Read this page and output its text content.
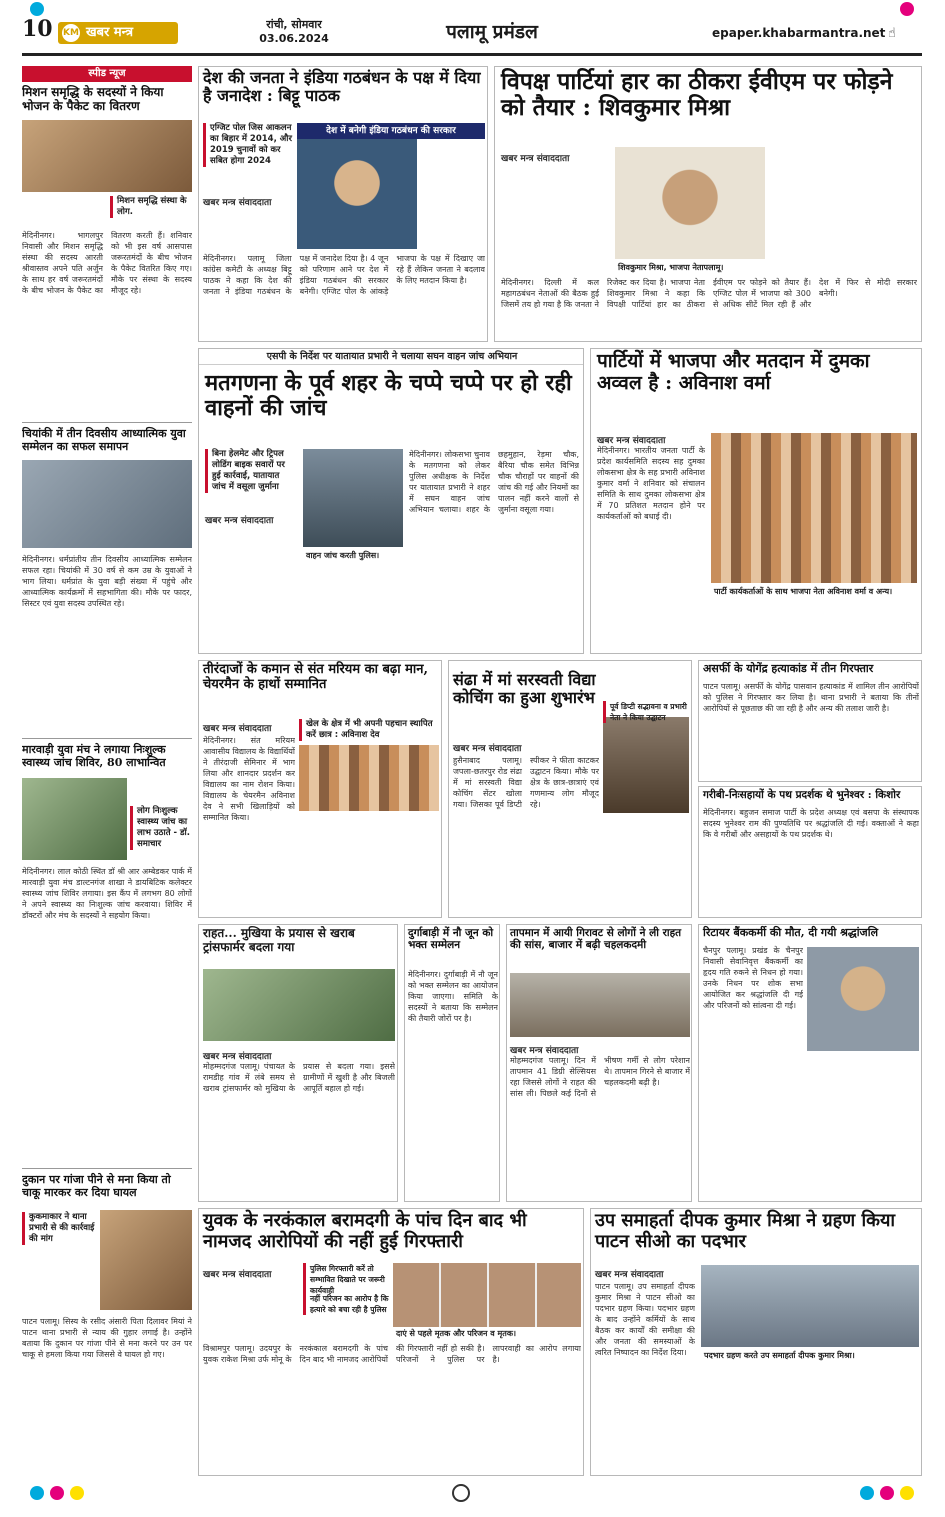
10 KM खबर मन्त्र
रांची, सोमवार
03.06.2024	पलामू प्रमंडल	epaper.khabarmantra.net ☝
स्पीड न्यूज
मिशन समृद्धि के सदस्यों ने किया भोजन के पैकेट का वितरण
मिशन समृद्धि संस्था के लोग.
मेदिनीनगर। भागलपुर निवासी और मिशन समृद्धि संस्था की सदस्य आरती श्रीवास्तव अपने पति अर्जुन के साथ हर वर्ष जरूरतमंदों के बीच भोजन के पैकेट का वितरण करती हैं। शनिवार को भी इस वर्ष आसपास जरूरतमंदों के बीच भोजन के पैकेट वितरित किए गए। मौके पर संस्था के सदस्य मौजूद रहे।
चियांकी में तीन दिवसीय आध्यात्मिक युवा सम्मेलन का सफल समापन
मेदिनीनगर। धर्मप्रांतीय तीन दिवसीय आध्यात्मिक सम्मेलन सफल रहा। चियांकी में 30 वर्ष से कम उम्र के युवाओं ने भाग लिया। धर्मप्रांत के युवा बड़ी संख्या में पहुंचे और आध्यात्मिक कार्यक्रमों में सहभागिता की। मौके पर फादर, सिस्टर एवं युवा सदस्य उपस्थित रहे।
मारवाड़ी युवा मंच ने लगाया निःशुल्क स्वास्थ्य जांच शिविर, 80 लाभान्वित
लोग निःशुल्क स्वास्थ्य जांच का लाभ उठाते - डॉ. समाचार
मेदिनीनगर। लाल कोठी स्थित डॉ श्री आर अम्बेडकर पार्क में मारवाड़ी युवा मंच डाल्टनगंज शाखा ने डायबिटिक कलेक्टर स्वास्थ्य जांच शिविर लगाया। इस कैंप में लगभग 80 लोगों ने अपने स्वास्थ्य का निःशुल्क जांच करवाया। शिविर में डॉक्टरों और मंच के सदस्यों ने सहयोग किया।
दुकान पर गांजा पीने से मना किया तो चाकू मारकर कर दिया घायल
कुकमाकार ने थाना प्रभारी से की कार्रवाई की मांग
पाटन पलामू। सिस्य के रसीद अंसारी पिता दिलावर मियां ने पाटन थाना प्रभारी से न्याय की गुहार लगाई है। उन्होंने बताया कि दुकान पर गांजा पीने से मना करने पर उन पर चाकू से हमला किया गया जिससे वे घायल हो गए।
देश की जनता ने इंडिया गठबंधन के पक्ष में दिया है जनादेश : बिट्टू पाठक
एग्जिट पोल जिस आकलन का बिहार में 2014, और 2019 चुनावों को कर सबित होगा 2024
देश में बनेगी इंडिया गठबंधन की सरकार
खबर मन्त्र संवाददाता
मेदिनीनगर। पलामू जिला कांग्रेस कमेटी के अध्यक्ष बिट्टू पाठक ने कहा कि देश की जनता ने इंडिया गठबंधन के पक्ष में जनादेश दिया है। 4 जून को परिणाम आने पर देश में इंडिया गठबंधन की सरकार बनेगी। एग्जिट पोल के आंकड़े भाजपा के पक्ष में दिखाए जा रहे हैं लेकिन जनता ने बदलाव के लिए मतदान किया है।
विपक्ष पार्टियां हार का ठीकरा ईवीएम पर फोड़ने को तैयार : शिवकुमार मिश्रा
खबर मन्त्र संवाददाता
शिवकुमार मिश्रा, भाजपा नेतापलामू।
मेदिनीनगर। दिल्ली में कल महागठबंधन नेताओं की बैठक हुई जिसमें तय हो गया है कि जनता ने रिजेक्ट कर दिया है। भाजपा नेता शिवकुमार मिश्रा ने कहा कि विपक्षी पार्टियां हार का ठीकरा ईवीएम पर फोड़ने को तैयार हैं। एग्जिट पोल में भाजपा को 300 से अधिक सीटें मिल रही हैं और देश में फिर से मोदी सरकार बनेगी।
एसपी के निर्देश पर यातायात प्रभारी ने चलाया सघन वाहन जांच अभियान
मतगणना के पूर्व शहर के चप्पे चप्पे पर हो रही वाहनों की जांच
बिना हेलमेट और ट्रिपल लोडिंग बाइक सवारों पर हुई कार्रवाई, यातायात जांच में वसूला जुर्माना
वाहन जांच करती पुलिस।
खबर मन्त्र संवाददाता
मेदिनीनगर। लोकसभा चुनाव के मतगणना को लेकर पुलिस अधीक्षक के निर्देश पर यातायात प्रभारी ने शहर में सघन वाहन जांच अभियान चलाया। शहर के छहमुहान, रेड़मा चौक, बैरिया चौक समेत विभिन्न चौक चौराहों पर वाहनों की जांच की गई और नियमों का पालन नहीं करने वालों से जुर्माना वसूला गया।
पार्टियों में भाजपा और मतदान में दुमका अव्वल है : अविनाश वर्मा
खबर मन्त्र संवाददाता
मेदिनीनगर। भारतीय जनता पार्टी के प्रदेश कार्यसमिति सदस्य सह दुमका लोकसभा क्षेत्र के सह प्रभारी अविनाश कुमार वर्मा ने शनिवार को संचालन समिति के साथ दुमका लोकसभा क्षेत्र में 70 प्रतिशत मतदान होने पर कार्यकर्ताओं को बधाई दी।
पार्टी कार्यकर्ताओं के साथ भाजपा नेता अविनाश वर्मा व अन्य।
तीरंदाजों के कमान से संत मरियम का बढ़ा मान, चेयरमैन के हाथों सम्मानित
खबर मन्त्र संवाददाता	खेल के क्षेत्र में भी अपनी पहचान स्थापित करें छात्र : अविनाश देव
मेदिनीनगर। संत मरियम आवासीय विद्यालय के विद्यार्थियों ने तीरंदाजी सेमिनार में भाग लिया और शानदार प्रदर्शन कर विद्यालय का नाम रोशन किया। विद्यालय के चेयरमैन अविनाश देव ने सभी खिलाड़ियों को सम्मानित किया।
संढा में मां सरस्वती विद्या कोचिंग का हुआ शुभारंभ	पूर्व डिप्टी सद्भावना व प्रभारी नेता ने किया उद्घाटन
खबर मन्त्र संवाददाता
हुसैनाबाद पलामू। जपला-छतरपुर रोड संढा में मां सरस्वती विद्या कोचिंग सेंटर खोला गया। जिसका पूर्व डिप्टी स्पीकर ने फीता काटकर उद्घाटन किया। मौके पर क्षेत्र के छात्र-छात्राएं एवं गणमान्य लोग मौजूद रहे।
असर्फी के योगेंद्र हत्याकांड में तीन गिरफ्तार
पाटन पलामू। असर्फी के योगेंद्र पासवान हत्याकांड में शामिल तीन आरोपियों को पुलिस ने गिरफ्तार कर लिया है। थाना प्रभारी ने बताया कि तीनों आरोपियों से पूछताछ की जा रही है और अन्य की तलाश जारी है।
गरीबी-निःसहायों के पथ प्रदर्शक थे भुनेश्वर : किशोर
मेदिनीनगर। बहुजन समाज पार्टी के प्रदेश अध्यक्ष एवं बसपा के संस्थापक सदस्य भुनेश्वर राम की पुण्यतिथि पर श्रद्धांजलि दी गई। वक्ताओं ने कहा कि वे गरीबों और असहायों के पथ प्रदर्शक थे।
राहत... मुखिया के प्रयास से खराब ट्रांसफार्मर बदला गया
खबर मन्त्र संवाददाता
मोहम्मदगंज पलामू। पंचायत के रामडीह गांव में लंबे समय से खराब ट्रांसफार्मर को मुखिया के प्रयास से बदला गया। इससे ग्रामीणों में खुशी है और बिजली आपूर्ति बहाल हो गई।
दुर्गाबाड़ी में नौ जून को भक्त सम्मेलन
मेदिनीनगर। दुर्गाबाड़ी में नौ जून को भक्त सम्मेलन का आयोजन किया जाएगा। समिति के सदस्यों ने बताया कि सम्मेलन की तैयारी जोरों पर है।
तापमान में आयी गिरावट से लोगों ने ली राहत की सांस, बाजार में बढ़ी चहलकदमी
खबर मन्त्र संवाददाता
मोहम्मदगंज पलामू। दिन में तापमान 41 डिग्री सेल्सियस रहा जिससे लोगों ने राहत की सांस ली। पिछले कई दिनों से भीषण गर्मी से लोग परेशान थे। तापमान गिरने से बाजार में चहलकदमी बढ़ी है।
रिटायर बैंककर्मी की मौत, दी गयी श्रद्धांजलि
चैनपुर पलामू। प्रखंड के चैनपुर निवासी सेवानिवृत्त बैंककर्मी का हृदय गति रुकने से निधन हो गया। उनके निधन पर शोक सभा आयोजित कर श्रद्धांजलि दी गई और परिजनों को सांत्वना दी गई।
युवक के नरकंकाल बरामदगी के पांच दिन बाद भी नामजद आरोपियों की नहीं हुई गिरफ्तारी
खबर मन्त्र संवाददाता
पुलिस गिरफ्तारी करें तो सम्भावित दिखाते पर जरूरी कार्यवाही
नहीं परिजन का आरोप है कि हत्यारे को बचा रही है पुलिस
दाएं से पहले मृतक और परिजन व मृतक।
विश्रामपुर पलामू। उदयपुर के युवक राकेश मिश्रा उर्फ मोनू के नरकंकाल बरामदगी के पांच दिन बाद भी नामजद आरोपियों की गिरफ्तारी नहीं हो सकी है। परिजनों ने पुलिस पर लापरवाही का आरोप लगाया है।
उप समाहर्ता दीपक कुमार मिश्रा ने ग्रहण किया पाटन सीओ का पदभार
खबर मन्त्र संवाददाता
पाटन पलामू। उप समाहर्ता दीपक कुमार मिश्रा ने पाटन सीओ का पदभार ग्रहण किया। पदभार ग्रहण के बाद उन्होंने कर्मियों के साथ बैठक कर कार्यों की समीक्षा की और जनता की समस्याओं के त्वरित निष्पादन का निर्देश दिया।	पदभार ग्रहण करते उप समाहर्ता दीपक कुमार मिश्रा।
